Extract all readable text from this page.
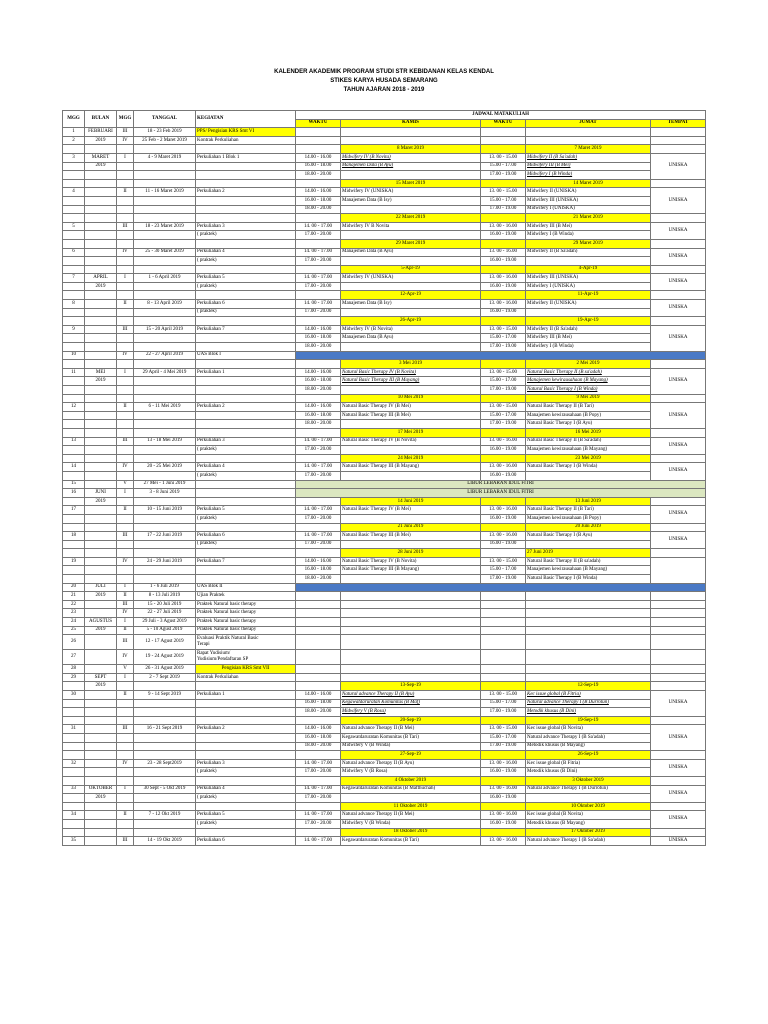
KALENDER AKADEMIK PROGRAM STUDI STR KEBIDANAN KELAS KENDAL
STIKES KARYA HUSADA SEMARANG
TAHUN AJARAN 2018 - 2019
MGG	BULAN	MGG	TANGGAL	KEGIATAN	JADWAL MATAKULIAH				
					WAKTU	KAMIS	WAKTU	JUMAT	TEMPAT
1	FEBRUARI	III	18 - 23 Feb 2019	PPS/ Pengisian KRS Smt VI					
2	2019	IV	25 Feb - 2 Maret 2019	Kontrak Perkuliahan					
						8 Maret 2019		7 Maret 2019	
3	MARET	I	4 - 9 Maret 2019	Perkuliahan 1 Blok 1	14.00 - 16.00	Midwifery IV (B Novita)	13. 00 - 15.00	Midwifery II (B Sa'adah)	UNISKA
	2019				16.00 - 18.00	Manajemen Data (B Ayu)	15.00 - 17.00	Midwifery III (B Mei)	
					18.00 - 20.00		17.00 - 19.00	Midwifery I (B Winda)	
						15 Maret 2019		14 Maret 2019	
4		II	11 - 16 Maret 2019	Perkuliahan 2	14.00 - 16.00	Midwifery IV (UNISKA)	13. 00 - 15.00	Midwifery II (UNISKA)	UNISKA
					16.00 - 18.00	Manajemen Data (B Isy)	15.00 - 17.00	Midwifery III (UNISKA)	
					18.00 - 20.00		17.00 - 19.00	Midwifery I (UNISKA)	
						22 Maret 2019		21 Maret 2019	
5		III	18 - 23 Maret 2019	Perkuliahan 3	14. 00 - 17.00	Midwifery IV B Novita	13. 00 - 16.00	Midwifery III (B Mei)	UNISKA
				( praktek)	17.00 - 20.00		16.00 - 19.00	Midwifery I (B Winda)	
						29 Maret 2019		29 Maret 2019	
6		IV	25 - 30 Maret 2019	Perkuliahan 4	14. 00 - 17.00	Manajemen Data (B Ayu)	13. 00 - 16.00	Midwifery II (B Sa'adah)	UNISKA
				( praktek)	17.00 - 20.00		16.00 - 19.00		
						5-Apr-19		4-Apr-19	
7	APRIL	I	1 - 6 April 2019	Perkuliahan 5	14. 00 - 17.00	Midwifery IV (UNISKA)	13. 00 - 16.00	Midwifery III (UNISKA)	UNISKA
	2019			( praktek)	17.00 - 20.00		16.00 - 19.00	Midwifery I (UNISKA)	
						12-Apr-19		11-Apr-19	
8		II	8 - 13 April 2019	Perkuliahan 6	14. 00 - 17.00	Manajemen Data (B Isy)	13. 00 - 16.00	Midwifery II (UNISKA)	UNISKA
				( praktek)	17.00 - 20.00		16.00 - 19.00		
						26-Apr-19		19-Apr-19	
9		III	15 - 20 April 2019	Perkuliahan 7	14.00 - 16.00	Midwifery IV (B Novita)	13. 00 - 15.00	Midwifery II (B Sa'adah)	UNISKA
					16.00 - 18.00	Manajemen Data (B Ayu)	15.00 - 17.00	Midwifery III (B Mei)	
					18.00 - 20.00		17.00 - 19.00	Midwifery I (B Winda)	
10		IV	22 - 27 April 2019	UAS Blok I					
						3 Mei 2019		2 Mei 2019	
11	MEI	I	29 April - 4 Mei 2019	Perkuliahan 1	14.00 - 16.00	Natural Basic Therapy IV (B Novita)	13. 00 - 15.00	Natural Basic Therapy II (B sa'adah)	UNISKA
	2019				16.00 - 18.00	Natural Basic Therapy III (B Mayang)	15.00 - 17.00	Manajemen kewirausahaan (B Mayang)	
					18.00 - 20.00		17.00 - 19.00	Natural Basic Therapy I (B Winda)	
						10 Mei 2019		9 Mei 2019	
12		II	6 - 11 Mei 2019	Perkuliahan 2	14.00 - 16.00	Natural Basic Therapy IV (B Mei)	13. 00 - 15.00	Natural Basic Therapy II (B Tari)	UNISKA
					16.00 - 18.00	Natural Basic Therapy III (B Mei)	15.00 - 17.00	Manajemen kewirausahaan (B Popy)	
					18.00 - 20.00		17.00 - 19.00	Natural Basic Therapy I (B Ayu)	
						17 Mei 2019		16 Mei 2019	
13		III	13 - 18 Mei 2019	Perkuliahan 3	14. 00 - 17.00	Natural Basic Therapy IV (B Novita)	13. 00 - 16.00	Natural Basic Therapy II (B Sa'adah)	UNISKA
				( praktek)	17.00 - 20.00		16.00 - 19.00	Manajemen kewirausahaan (B Mayang)	
						24 Mei 2019		23 Mei 2019	
14		IV	20 - 25 Mei 2019	Perkuliahan 4	14. 00 - 17.00	Natural Basic Therapy III (B Mayang)	13. 00 - 16.00	Natural Basic Therapy I (B Winda)	UNISKA
				( praktek)	17.00 - 20.00		16.00 - 19.00		
15		V	27 Mei - 1 Juni 2019		LIBUR LEBARAN IDUL FITRI				
16	JUNI	I	3 - 8 Juni 2019		LIBUR LEBARAN IDUL FITRI				
	2019					14 Juni 2019		13 Juni 2019	
17		II	10 - 15 Juni 2019	Perkuliahan 5	14. 00 - 17.00	Natural Basic Therapy IV (B Mei)	13. 00 - 16.00	Natural Basic Therapy II (B Tari)	UNISKA
				( praktek)	17.00 - 20.00		16.00 - 19.00	Manajemen kewirausahaan (B Popy)	
						21 Juni 2019		20 Juni 2019	
18		III	17 - 22 Juni 2019	Perkuliahan 6	14. 00 - 17.00	Natural Basic Therapy III (B Mei)	13. 00 - 16.00	Natural Basic Therapy I (B Ayu)	UNISKA
				( praktek)	17.00 - 20.00		16.00 - 19.00		
						28 Juni 2019		27 Juni 2019	
19		IV	24 - 29 Juni 2019	Perkuliahan 7	14.00 - 16.00	Natural Basic Therapy IV (B Novita)	13. 00 - 15.00	Natural Basic Therapy II (B sa'adah)	
					16.00 - 18.00	Natural Basic Therapy III (B Mayang)	15.00 - 17.00	Manajemen kewirausahaan (B Mayang)	
					18.00 - 20.00		17.00 - 19.00	Natural Basic Therapy I (B Winda)	
20	JULI	I	1 - 6 Juli 2019	UAS Blok II					
21	2019	II	8 - 13 Juli 2019	Ujian Praktek					
22		III	15 - 20 Juli 2019	Praktek Natural basic therapy					
23		IV	22 - 27 Juli 2019	Praktek Natural basic therapy					
24	AGUSTUS	I	29 Juli - 3 Agust 2019	Praktek Natural basic therapy					
25	2019	II	5 - 10 Agust 2019	Praktek Natural basic therapy					
26		III	12 - 17 Agust 2019	Evaluasi Praktik Natural Basic
Terapi					

27		IV	19 - 24 Agust 2019	Rapat Yudisium/
Yudisium/Pendaftaran SP					

28		V	26 - 31 Agust 2019	Pengisian KRS Smt VII					
29	SEPT	I	2 - 7 Sept 2019	Kontrak Perkuliahan					
	2019					13-Sep-19		12-Sep-19	
30		II	9 - 14 Sept 2019	Perkuliahan 1	14.00 - 16.00	Natural advance Therapy II (B Ayu)	13. 00 - 15.00	Kec issue global (B Fitria)	UNISKA
					16.00 - 18.00	Kegawatdaruratan Komunitas (B Maf)	15.00 - 17.00	Natural advance Therapy I (B Durrotun)	
					18.00 - 20.00	Midwifery V (B Rosa)	17.00 - 19.00	Metodik khusus (B Dini)	
						20-Sep-19		19-Sep-19	
31		III	16 - 21 Sept 2019	Perkuliahan 2	14.00 - 16.00	Natural advance Therapy II (B Mei)	13. 00 - 15.00	Kec issue global (B Novita)	UNISKA
					16.00 - 18.00	Kegawatdaruratan Komunitas (B Tari)	15.00 - 17.00	Natural advance Therapy I (B Sa'adah)	
					18.00 - 20.00	Midwifery V (B Winda)	17.00 - 19.00	Metodik khusus (B Mayang)	
						27-Sep-19		26-Sep-19	
32		IV	23 - 28 Sept2019	Perkuliahan 3	14. 00 - 17.00	Natural advance Therapy II (B Ayu)	13. 00 - 16.00	Kec issue global (B Fitria)	UNISKA
				( praktek)	17.00 - 20.00	Midwifery V (B Rosa)	16.00 - 19.00	Metodik khusus (B Dini)	
						4 Oktober 2019		3 Oktober 2019	
33	OKTOBER	I	30 Sept - 5 Okt 2019	Perkuliahan 4	14. 00 - 17.00	Kegawatdaruratan Komunitas (B Mafthuchah)	13. 00 - 16.00	Natural advance Therapy I (B Durrotun)	UNISKA
	2019			( praktek)	17.00 - 20.00		16.00 - 19.00		
						11 Oktober 2019		10 Oktober 2019	
34		II	7 - 12 Okt 2019	Perkuliahan 5	14. 00 - 17.00	Natural advance Therapy II (B Mei)	13. 00 - 16.00	Kec issue global (B Novita)	UNISKA
				( praktek)	17.00 - 20.00	Midwifery V (B Winda)	16.00 - 19.00	Metodik khusus (B Mayang)	
						18 Oktober 2019		17 Oktober 2019	
35		III	14 - 19 Okt 2019	Perkuliahan 6	14. 00 - 17.00	Kegawatdaruratan Komunitas (B Tari)	13. 00 - 16.00	Natural advance Therapy I (B Sa'adah)	UNISKA
